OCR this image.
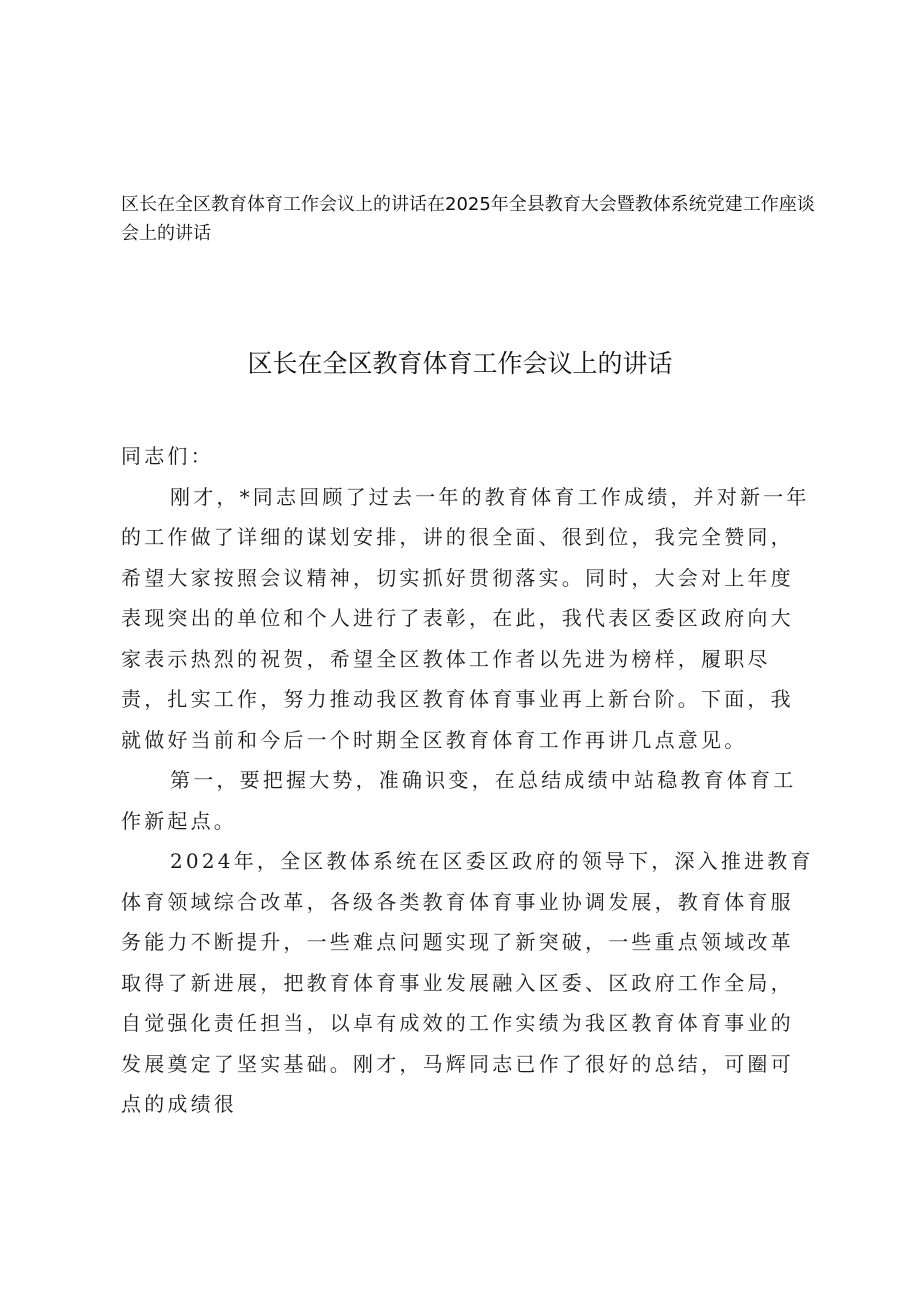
区长在全区教育体育工作会议上的讲话在2025年全县教育大会暨教体系统党建工作座谈会上的讲话
区长在全区教育体育工作会议上的讲话

同志们：

刚才，*同志回顾了过去一年的教育体育工作成绩，并对新一年的工作做了详细的谋划安排，讲的很全面、很到位，我完全赞同，希望大家按照会议精神，切实抓好贯彻落实。同时，大会对上年度表现突出的单位和个人进行了表彰，在此，我代表区委区政府向大家表示热烈的祝贺，希望全区教体工作者以先进为榜样，履职尽责，扎实工作，努力推动我区教育体育事业再上新台阶。下面，我就做好当前和今后一个时期全区教育体育工作再讲几点意见。

第一，要把握大势，准确识变，在总结成绩中站稳教育体育工作新起点。

2024年，全区教体系统在区委区政府的领导下，深入推进教育体育领域综合改革，各级各类教育体育事业协调发展，教育体育服务能力不断提升，一些难点问题实现了新突破，一些重点领域改革取得了新进展，把教育体育事业发展融入区委、区政府工作全局，自觉强化责任担当，以卓有成效的工作实绩为我区教育体育事业的发展奠定了坚实基础。刚才，马辉同志已作了很好的总结，可圈可点的成绩很
